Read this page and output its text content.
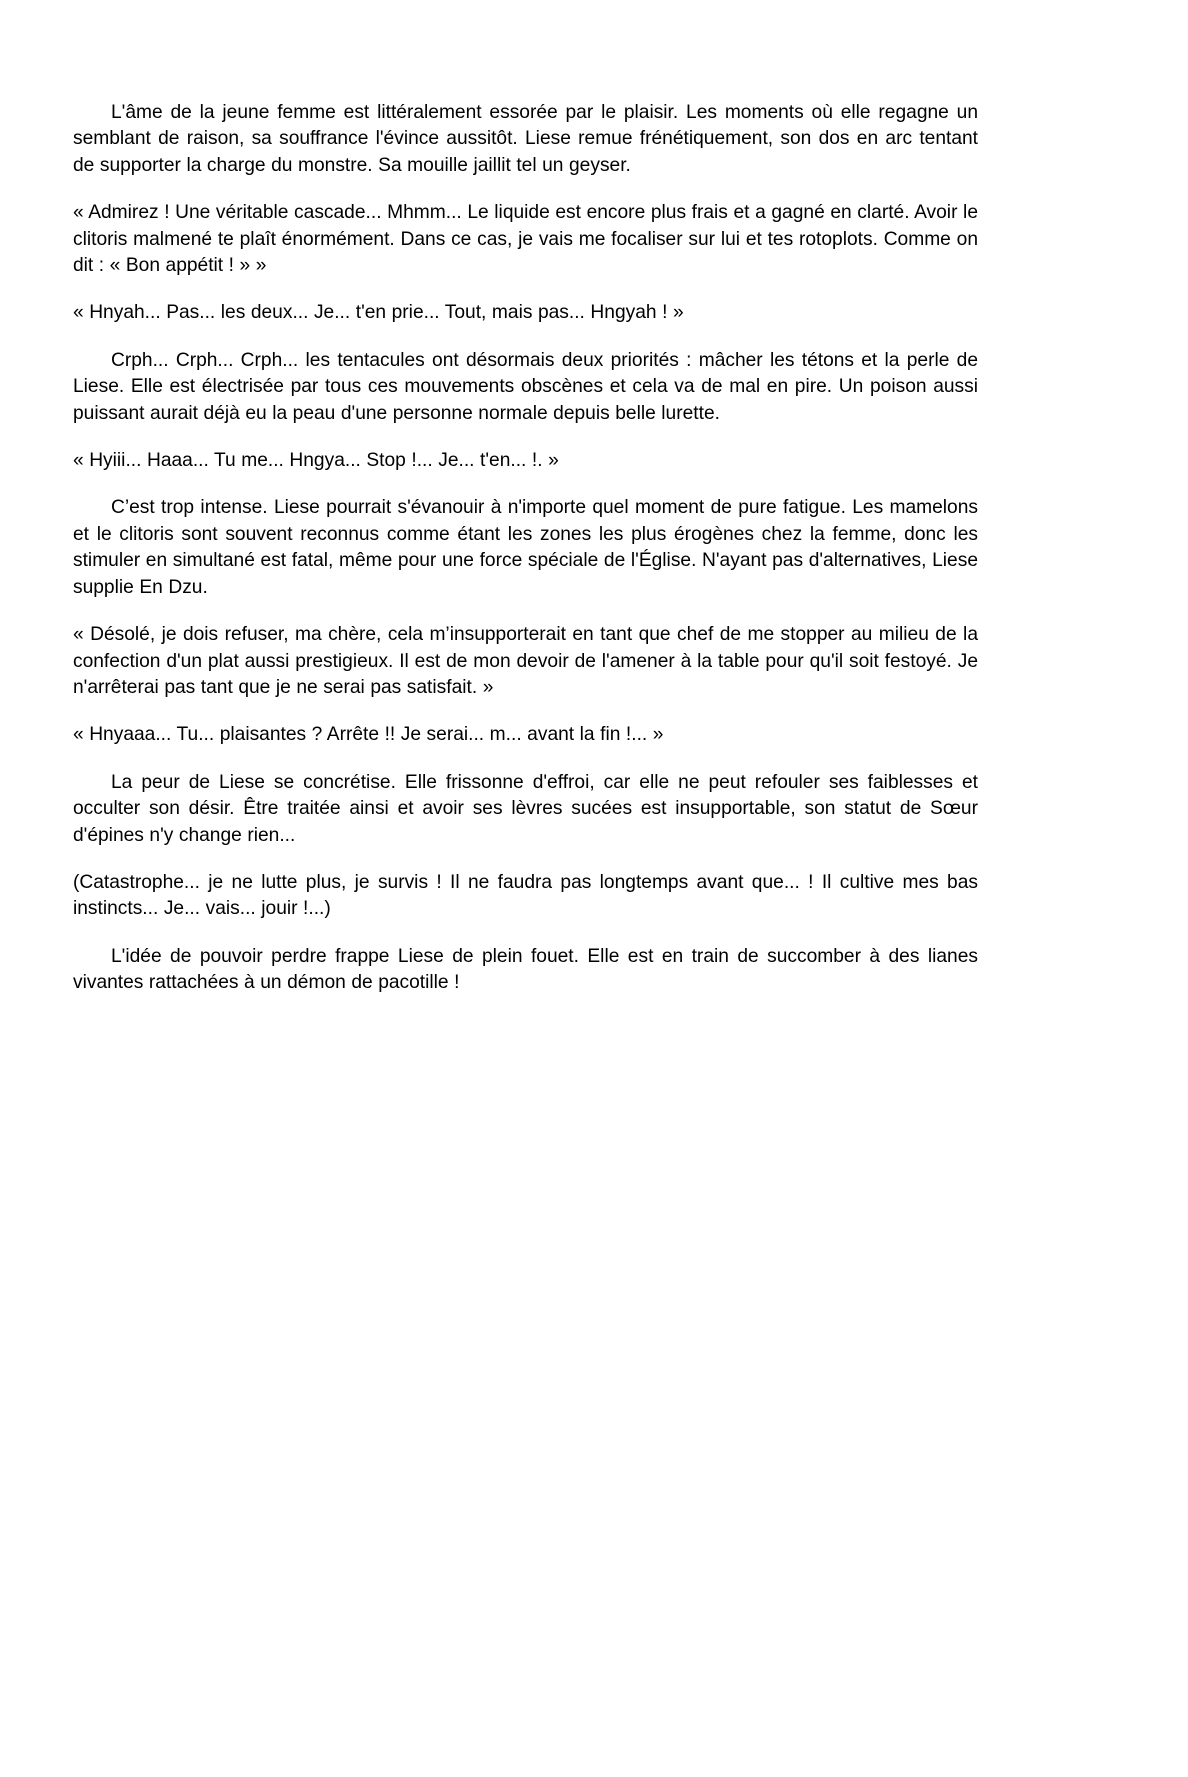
L'âme de la jeune femme est littéralement essorée par le plaisir. Les moments où elle regagne un semblant de raison, sa souffrance l'évince aussitôt. Liese remue frénétiquement, son dos en arc tentant de supporter la charge du monstre. Sa mouille jaillit tel un geyser.

« Admirez ! Une véritable cascade... Mhmm... Le liquide est encore plus frais et a gagné en clarté. Avoir le clitoris malmené te plaît énormément. Dans ce cas, je vais me focaliser sur lui et tes rotoplots. Comme on dit : « Bon appétit ! » »

« Hnyah... Pas... les deux... Je... t'en prie... Tout, mais pas... Hngyah ! »

Crph... Crph... Crph... les tentacules ont désormais deux priorités : mâcher les tétons et la perle de Liese. Elle est électrisée par tous ces mouvements obscènes et cela va de mal en pire. Un poison aussi puissant aurait déjà eu la peau d'une personne normale depuis belle lurette.

« Hyiii... Haaa... Tu me... Hngya... Stop !... Je... t'en... !. »

C’est trop intense. Liese pourrait s'évanouir à n'importe quel moment de pure fatigue. Les mamelons et le clitoris sont souvent reconnus comme étant les zones les plus érogènes chez la femme, donc les stimuler en simultané est fatal, même pour une force spéciale de l'Église. N'ayant pas d'alternatives, Liese supplie En Dzu.

« Désolé, je dois refuser, ma chère, cela m’insupporterait en tant que chef de me stopper au milieu de la confection d'un plat aussi prestigieux. Il est de mon devoir de l'amener à la table pour qu'il soit festoyé. Je n'arrêterai pas tant que je ne serai pas satisfait. »

« Hnyaaa... Tu... plaisantes ? Arrête !! Je serai... m... avant la fin !... »

La peur de Liese se concrétise. Elle frissonne d'effroi, car elle ne peut refouler ses faiblesses et occulter son désir. Être traitée ainsi et avoir ses lèvres sucées est insupportable, son statut de Sœur d'épines n'y change rien...

(Catastrophe... je ne lutte plus, je survis ! Il ne faudra pas longtemps avant que... ! Il cultive mes bas instincts... Je... vais... jouir !...)

L'idée de pouvoir perdre frappe Liese de plein fouet. Elle est en train de succomber à des lianes vivantes rattachées à un démon de pacotille !
